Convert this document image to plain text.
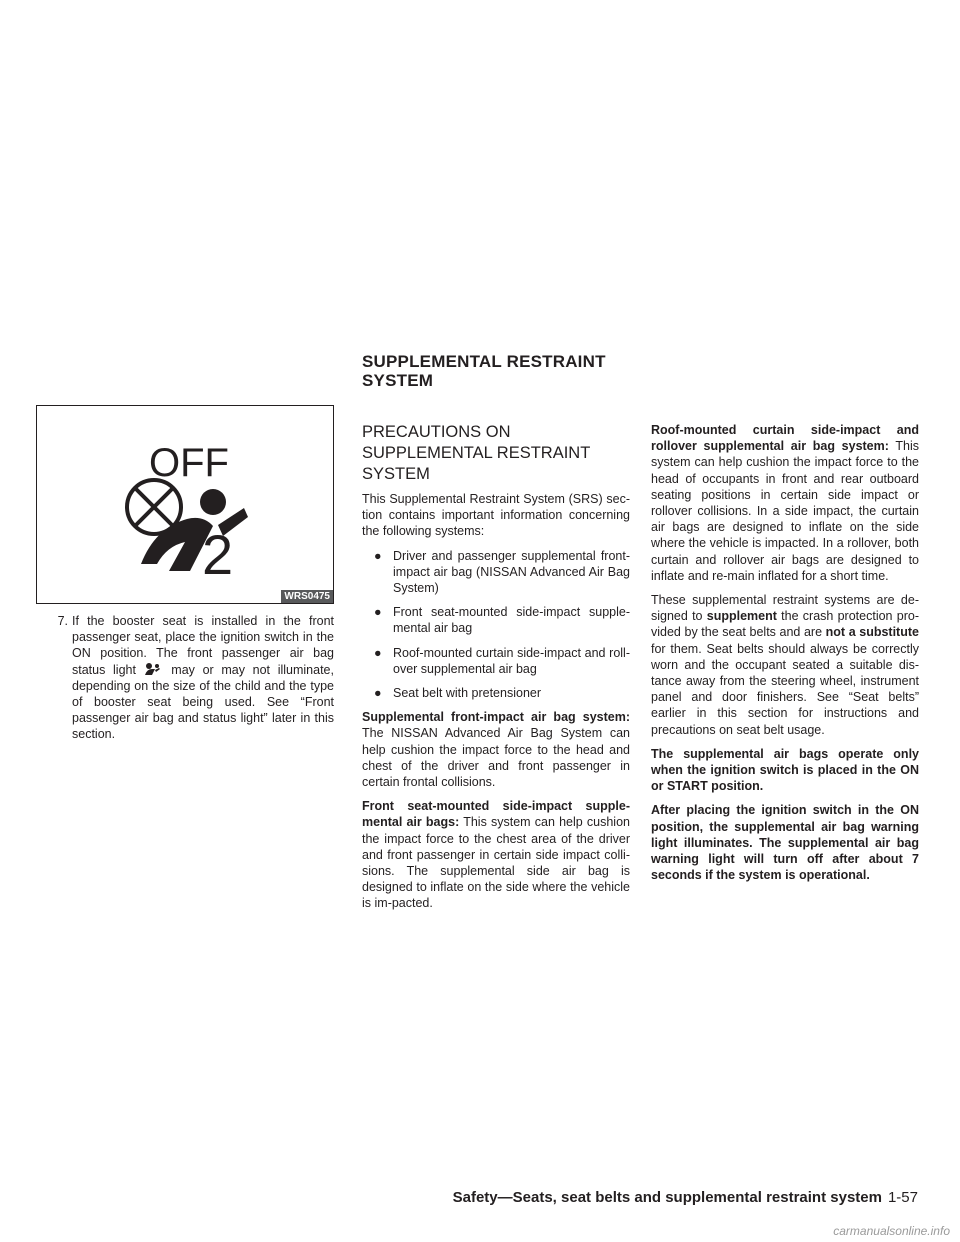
SUPPLEMENTAL RESTRAINT
SYSTEM
OFF
2
WRS0475

7. If the booster seat is installed in the front passenger seat, place the ignition switch in the ON position. The front passenger air bag status light	may or may not illuminate, depending on the size of the child and the type of booster seat being used. See “Front passenger air bag and status light” later in this section.

PRECAUTIONS ON SUPPLEMENTAL RESTRAINT SYSTEM

This Supplemental Restraint System (SRS) sec-tion contains important information concerning the following systems:

● Driver and passenger supplemental front-impact air bag (NISSAN Advanced Air Bag System)
● Front seat-mounted side-impact supple-mental air bag
● Roof-mounted curtain side-impact and roll-over supplemental air bag
● Seat belt with pretensioner

Supplemental front-impact air bag system: The NISSAN Advanced Air Bag System can help cushion the impact force to the head and chest of the driver and front passenger in certain frontal collisions.

Front seat-mounted side-impact supple-mental air bags: This system can help cushion the impact force to the chest area of the driver and front passenger in certain side impact colli-sions. The supplemental side air bag is designed to inflate on the side where the vehicle is im-pacted.

Roof-mounted curtain side-impact and rollover supplemental air bag system: This system can help cushion the impact force to the head of occupants in front and rear outboard seating positions in certain side impact or rollover collisions. In a side impact, the curtain air bags are designed to inflate on the side where the vehicle is impacted. In a rollover, both curtain and rollover air bags are designed to inflate and re-main inflated for a short time.

These supplemental restraint systems are de-signed to supplement the crash protection pro-vided by the seat belts and are not a substitute for them. Seat belts should always be correctly worn and the occupant seated a suitable dis-tance away from the steering wheel, instrument panel and door finishers. See “Seat belts” earlier in this section for instructions and precautions on seat belt usage.

The supplemental air bags operate only when the ignition switch is placed in the ON or START position.

After placing the ignition switch in the ON position, the supplemental air bag warning light illuminates. The supplemental air bag warning light will turn off after about 7 seconds if the system is operational.

Safety—Seats, seat belts and supplemental restraint system 1-57
carmanualsonline.info
